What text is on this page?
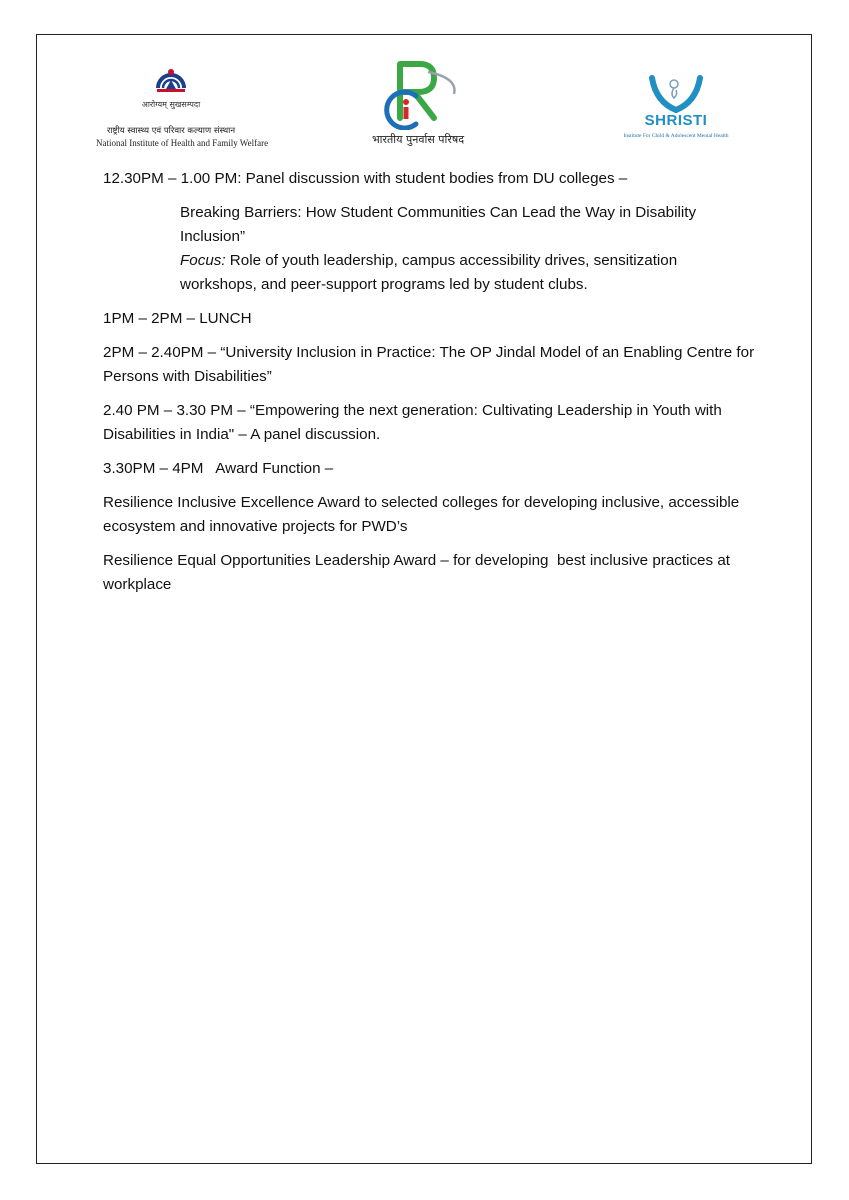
आरोग्यम् सुखसम्पदा
राष्ट्रीय स्वास्थ्य एवं परिवार कल्याण संस्थान
National Institute of Health and Family Welfare	भारतीय पुनर्वास परिषद
SHRISTI
Institute For Child & Adolescent Mental Health

12.30PM – 1.00 PM: Panel discussion with student bodies from DU colleges –

Breaking Barriers: How Student Communities Can Lead the Way in Disability Inclusion”

Focus: Role of youth leadership, campus accessibility drives, sensitization workshops, and peer-support programs led by student clubs.

1PM – 2PM – LUNCH

2PM – 2.40PM – “University Inclusion in Practice: The OP Jindal Model of an Enabling Centre for Persons with Disabilities”

2.40 PM – 3.30 PM – “Empowering the next generation: Cultivating Leadership in Youth with Disabilities in India" – A panel discussion.

3.30PM – 4PM   Award Function –

Resilience Inclusive Excellence Award to selected colleges for developing inclusive, accessible ecosystem and innovative projects for PWD’s

Resilience Equal Opportunities Leadership Award – for developing  best inclusive practices at workplace
